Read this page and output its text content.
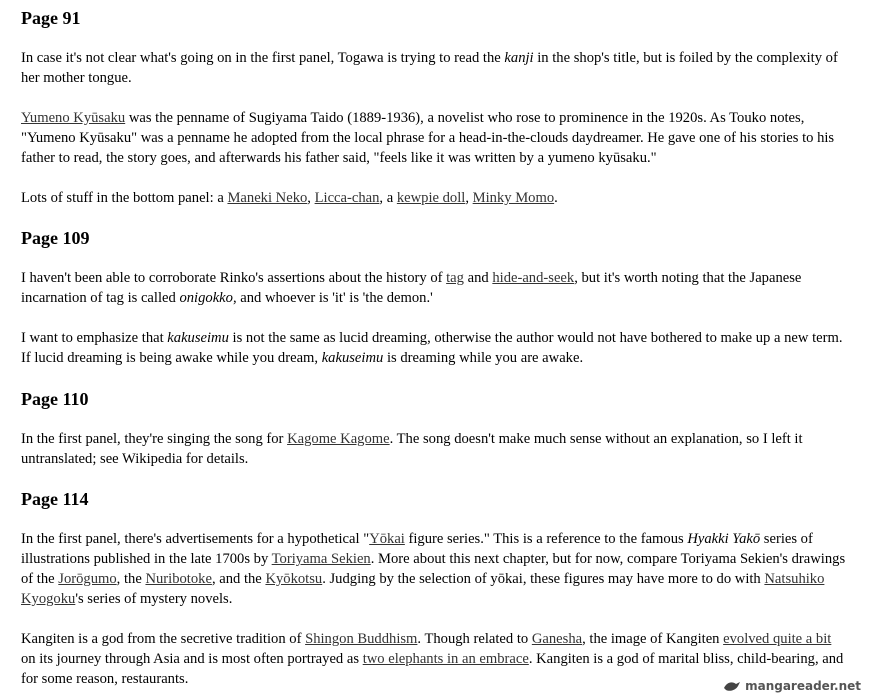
Page 91

In case it's not clear what's going on in the first panel, Togawa is trying to read the kanji in the shop's title, but is foiled by the complexity of her mother tongue.

Yumeno Kyūsaku was the penname of Sugiyama Taido (1889-1936), a novelist who rose to prominence in the 1920s. As Touko notes, "Yumeno Kyūsaku" was a penname he adopted from the local phrase for a head-in-the-clouds daydreamer. He gave one of his stories to his father to read, the story goes, and afterwards his father said, "feels like it was written by a yumeno kyūsaku."

Lots of stuff in the bottom panel: a Maneki Neko, Licca-chan, a kewpie doll, Minky Momo.

Page 109

I haven't been able to corroborate Rinko's assertions about the history of tag and hide-and-seek, but it's worth noting that the Japanese incarnation of tag is called onigokko, and whoever is 'it' is 'the demon.'

I want to emphasize that kakuseimu is not the same as lucid dreaming, otherwise the author would not have bothered to make up a new term. If lucid dreaming is being awake while you dream, kakuseimu is dreaming while you are awake.

Page 110

In the first panel, they're singing the song for Kagome Kagome. The song doesn't make much sense without an explanation, so I left it untranslated; see Wikipedia for details.

Page 114

In the first panel, there's advertisements for a hypothetical "Yōkai figure series." This is a reference to the famous Hyakki Yakō series of illustrations published in the late 1700s by Toriyama Sekien. More about this next chapter, but for now, compare Toriyama Sekien's drawings of the Jorōgumo, the Nuribotoke, and the Kyōkotsu. Judging by the selection of yōkai, these figures may have more to do with Natsuhiko Kyogoku's series of mystery novels.

Kangiten is a god from the secretive tradition of Shingon Buddhism. Though related to Ganesha, the image of Kangiten evolved quite a bit on its journey through Asia and is most often portrayed as two elephants in an embrace. Kangiten is a god of marital bliss, child-bearing, and for some reason, restaurants.	mangareader.net
